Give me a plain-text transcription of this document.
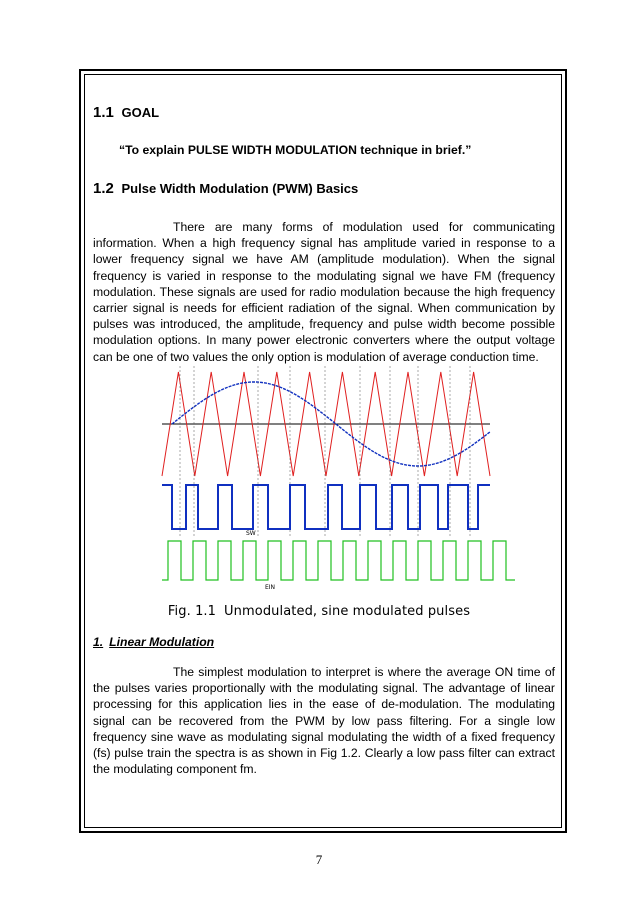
1.1 GOAL
“To explain PULSE WIDTH MODULATION technique in brief.”
1.2 Pulse Width Modulation (PWM) Basics

There are many forms of modulation used for communicating information. When a high frequency signal has amplitude varied in response to a lower frequency signal we have AM (amplitude modulation). When the signal frequency is varied in response to the modulating signal we have FM (frequency modulation. These signals are used for radio modulation because the high frequency carrier signal is needs for efficient radiation of the signal. When communication by pulses was introduced, the amplitude, frequency and pulse width become possible modulation options. In many power electronic converters where the output voltage can be one of two values the only option is modulation of average conduction time.

SW
EIN
Fig. 1.1 Unmodulated, sine modulated pulses
1. Linear Modulation

The simplest modulation to interpret is where the average ON time of the pulses varies proportionally with the modulating signal. The advantage of linear processing for this application lies in the ease of de-modulation. The modulating signal can be recovered from the PWM by low pass filtering. For a single low frequency sine wave as modulating signal modulating the width of a fixed frequency (fs) pulse train the spectra is as shown in Fig 1.2. Clearly a low pass filter can extract the modulating component fm.

7
